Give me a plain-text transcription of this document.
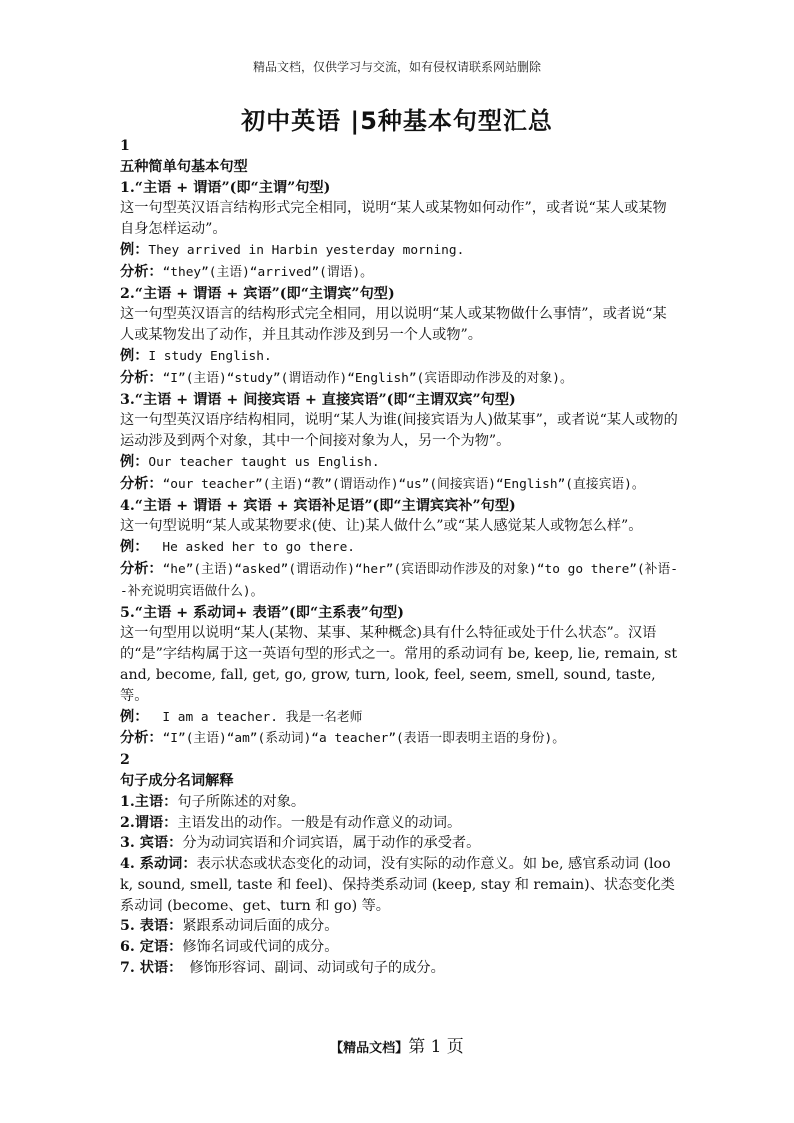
精品文档，仅供学习与交流，如有侵权请联系网站删除
初中英语 |5种基本句型汇总

1

五种简单句基本句型

1.“主语 + 谓语”(即“主谓”句型)

这一句型英汉语言结构形式完全相同，说明“某人或某物如何动作”，或者说“某人或某物自身怎样运动”。

例：They arrived in Harbin yesterday morning.

分析：“they”(主语)“arrived”(谓语)。

2.“主语 + 谓语 + 宾语”(即“主谓宾”句型)

这一句型英汉语言的结构形式完全相同，用以说明“某人或某物做什么事情”，或者说“某人或某物发出了动作，并且其动作涉及到另一个人或物”。

例：I study English.

分析：“I”(主语)“study”(谓语动作)“English”(宾语即动作涉及的对象)。

3.“主语 + 谓语 + 间接宾语 + 直接宾语”(即“主谓双宾”句型)

这一句型英汉语序结构相同，说明“某人为谁(间接宾语为人)做某事”，或者说“某人或物的运动涉及到两个对象，其中一个间接对象为人，另一个为物”。

例：Our teacher taught us English.

分析：“our teacher”(主语)“教”(谓语动作)“us”(间接宾语)“English”(直接宾语)。

4.“主语 + 谓语 + 宾语 + 宾语补足语”(即“主谓宾宾补”句型)

这一句型说明“某人或某物要求(使、让)某人做什么”或“某人感觉某人或物怎么样”。

例： He asked her to go there.

分析：“he”(主语)“asked”(谓语动作)“her”(宾语即动作涉及的对象)“to go there”(补语--补充说明宾语做什么)。

5.“主语 + 系动词+ 表语”(即“主系表”句型)

这一句型用以说明“某人(某物、某事、某种概念)具有什么特征或处于什么状态”。汉语的“是”字结构属于这一英语句型的形式之一。常用的系动词有 be, keep, lie, remain, stand, become, fall, get, go, grow, turn, look, feel, seem, smell, sound, taste, 等。

例： I am a teacher. 我是一名老师

分析：“I”(主语)“am”(系动词)“a teacher”(表语一即表明主语的身份)。

2

句子成分名词解释

1.主语：句子所陈述的对象。

2.谓语：主语发出的动作。一般是有动作意义的动词。

3. 宾语：分为动词宾语和介词宾语，属于动作的承受者。

4. 系动词：表示状态或状态变化的动词，没有实际的动作意义。如 be, 感官系动词 (look, sound, smell, taste 和 feel)、保持类系动词 (keep, stay 和 remain)、状态变化类系动词 (become、get、turn 和 go) 等。

5. 表语：紧跟系动词后面的成分。

6. 定语：修饰名词或代词的成分。

7. 状语：　修饰形容词、副词、动词或句子的成分。

【精品文档】第 1 页
